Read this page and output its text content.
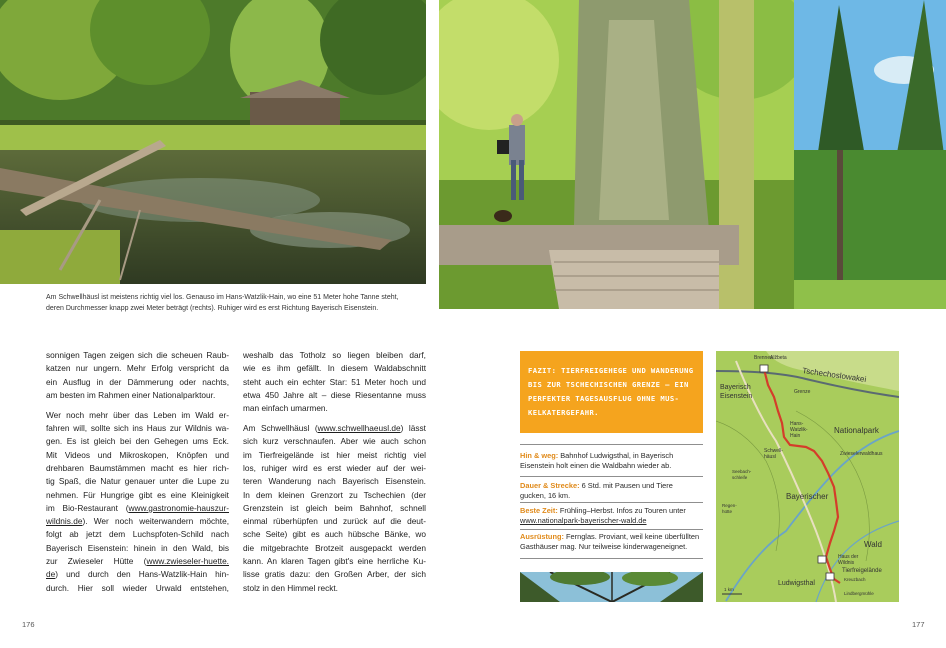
Am Schwellhäusl ist meistens richtig viel los. Genauso im Hans-Watzlik-Hain, wo eine 51 Meter hohe Tanne steht,
deren Durchmesser knapp zwei Meter beträgt (rechts). Ruhiger wird es erst Richtung Bayerisch Eisenstein.

sonnigen Tagen zeigen sich die scheuen Raub-
katzen nur ungern. Mehr Erfolg verspricht da
ein Ausflug in der Dämmerung oder nachts,
am besten im Rahmen einer Nationalparktour.

Wer noch mehr über das Leben im Wald er-
fahren will, sollte sich ins Haus zur Wildnis wa-
gen. Es ist gleich bei den Gehegen ums Eck.
Mit Videos und Mikroskopen, Knöpfen und
drehbaren Baumstämmen macht es hier rich-
tig Spaß, die Natur genauer unter die Lupe zu
nehmen. Für Hungrige gibt es eine Kleinigkeit
im Bio-Restaurant (www.gastronomie-hauszur-
wildnis.de). Wer noch weiterwandern möchte,
folgt ab jetzt dem Luchspfoten-Schild nach
Bayerisch Eisenstein: hinein in den Wald, bis
zur Zwieseler Hütte (www.zwieseler-huette.
de) und durch den Hans-Watzlik-Hain hin-
durch. Hier soll wieder Urwald entstehen,

weshalb das Totholz so liegen bleiben darf,
wie es ihm gefällt. In diesem Waldabschnitt
steht auch ein echter Star: 51 Meter hoch und
etwa 450 Jahre alt – diese Riesentanne muss
man einfach umarmen.

Am Schwellhäusl (www.schwellhaeusl.de) lässt
sich kurz verschnaufen. Aber wie auch schon
im Tierfreigelände ist hier meist richtig viel
los, ruhiger wird es erst wieder auf der wei-
teren Wanderung nach Bayerisch Eisenstein.
In dem kleinen Grenzort zu Tschechien (der
Grenzstein ist gleich beim Bahnhof, schnell
einmal rüberhüpfen und zurück auf die deut-
sche Seite) gibt es auch hübsche Bänke, wo
die mitgebrachte Brotzeit ausgepackt werden
kann. An klaren Tagen gibt's eine herrliche Ku-
lisse gratis dazu: den Großen Arber, der sich
stolz in den Himmel reckt.

FAZIT: TIERFREIGEHEGE UND WANDERUNG
BIS ZUR TSCHECHISCHEN GRENZE – EIN
PERFEKTER TAGESAUSFLUG OHNE MUS-
KELKATERGEFAHR.
Hin & weg: Bahnhof Ludwigsthal, in Bayerisch
Eisenstein holt einen die Waldbahn wieder ab.
Dauer & Strecke: 6 Std. mit Pausen und Tiere
gucken, 16 km.
Beste Zeit: Frühling–Herbst. Infos zu Touren unter
www.nationalpark-bayerischer-wald.de
Ausrüstung: Fernglas. Proviant, weil keine überfüllten
Gasthäuser mag. Nur teilweise kinderwageneignet.
Brennes
Alžbeta
Tschechoslowakei
Bayerisch
Eisenstein
Grenze
Hans-
Watzlik-
Hain
Nationalpark
Schwell-
häusl	Zwieselerwaldhaus
Seebach-
schleife
Bayerischer
Regen-
hütte
Wald
Haus der
Wildnis
Tierfreigelände
Ludwigsthal
Kreuzbach
Lindbergmühle
1 km
176	177
